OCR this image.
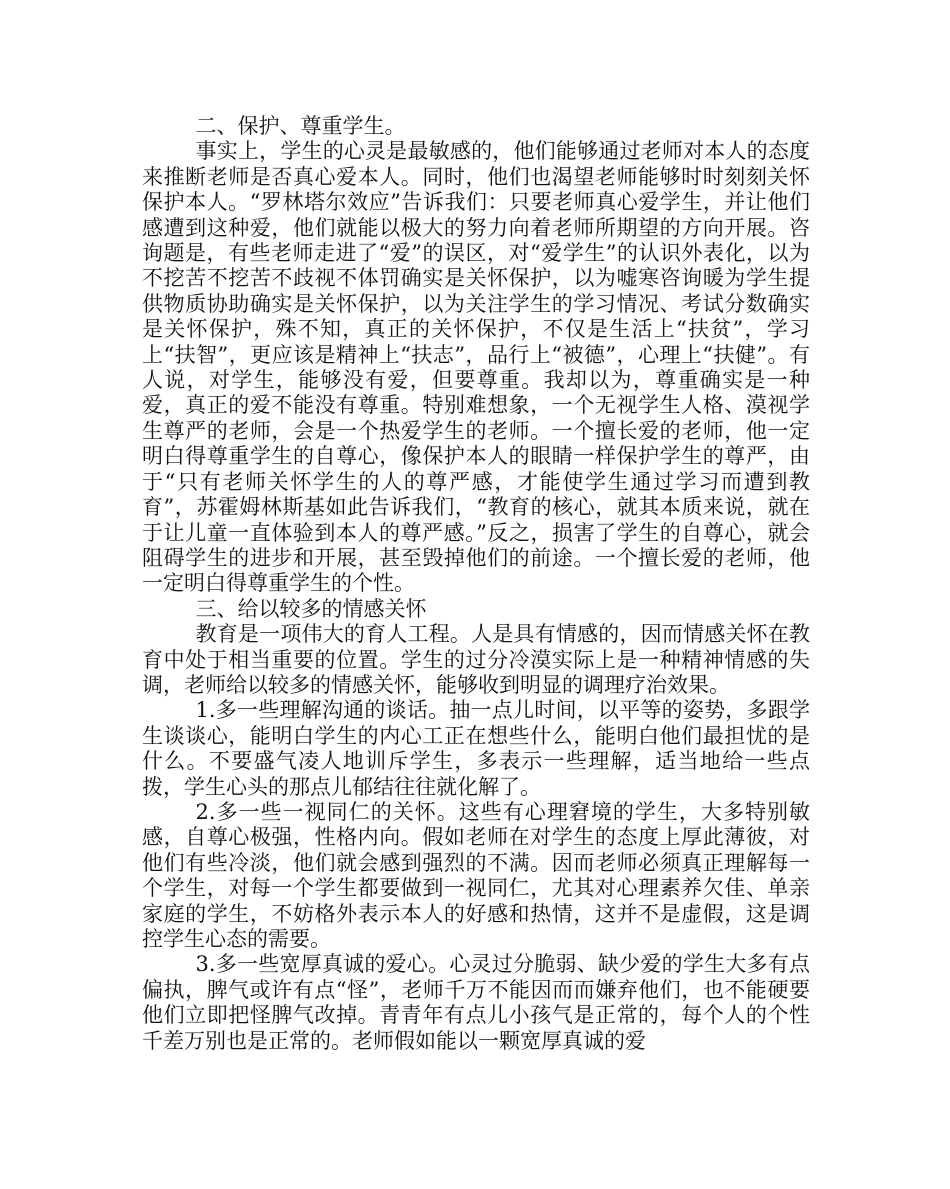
二、保护、尊重学生。

事实上，学生的心灵是最敏感的，他们能够通过老师对本人的态度来推断老师是否真心爱本人。同时，他们也渴望老师能够时时刻刻关怀保护本人。“罗林塔尔效应”告诉我们：只要老师真心爱学生，并让他们感遭到这种爱，他们就能以极大的努力向着老师所期望的方向开展。咨询题是，有些老师走进了“爱”的误区，对“爱学生”的认识外表化，以为不挖苦不挖苦不歧视不体罚确实是关怀保护，以为嘘寒咨询暖为学生提供物质协助确实是关怀保护，以为关注学生的学习情况、考试分数确实是关怀保护，殊不知，真正的关怀保护，不仅是生活上“扶贫”，学习上“扶智”，更应该是精神上“扶志”，品行上“被德”，心理上“扶健”。有人说，对学生，能够没有爱，但要尊重。我却以为，尊重确实是一种爱，真正的爱不能没有尊重。特别难想象，一个无视学生人格、漠视学生尊严的老师，会是一个热爱学生的老师。一个擅长爱的老师，他一定明白得尊重学生的自尊心，像保护本人的眼睛一样保护学生的尊严，由于“只有老师关怀学生的人的尊严感，才能使学生通过学习而遭到教育”，苏霍姆林斯基如此告诉我们，“教育的核心，就其本质来说，就在于让儿童一直体验到本人的尊严感。”反之，损害了学生的自尊心，就会阻碍学生的进步和开展，甚至毁掉他们的前途。一个擅长爱的老师，他一定明白得尊重学生的个性。

三、给以较多的情感关怀

教育是一项伟大的育人工程。人是具有情感的，因而情感关怀在教育中处于相当重要的位置。学生的过分冷漠实际上是一种精神情感的失调，老师给以较多的情感关怀，能够收到明显的调理疗治效果。

1.多一些理解沟通的谈话。抽一点儿时间，以平等的姿势，多跟学生谈谈心，能明白学生的内心工正在想些什么，能明白他们最担忧的是什么。不要盛气凌人地训斥学生，多表示一些理解，适当地给一些点拨，学生心头的那点儿郁结往往就化解了。

2.多一些一视同仁的关怀。这些有心理窘境的学生，大多特别敏感，自尊心极强，性格内向。假如老师在对学生的态度上厚此薄彼，对他们有些冷淡，他们就会感到强烈的不满。因而老师必须真正理解每一个学生，对每一个学生都要做到一视同仁，尤其对心理素养欠佳、单亲家庭的学生，不妨格外表示本人的好感和热情，这并不是虚假，这是调控学生心态的需要。

3.多一些宽厚真诚的爱心。心灵过分脆弱、缺少爱的学生大多有点偏执，脾气或许有点“怪”，老师千万不能因而而嫌弃他们，也不能硬要他们立即把怪脾气改掉。青青年有点儿小孩气是正常的，每个人的个性千差万别也是正常的。老师假如能以一颗宽厚真诚的爱
